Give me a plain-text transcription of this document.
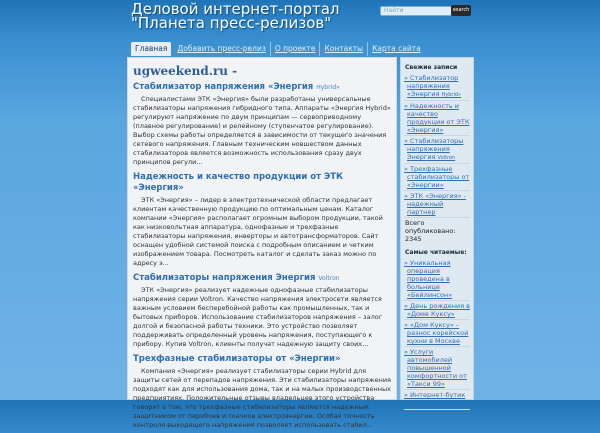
Деловой интернет-портал
"Планета пресс-релизов"
Найти	search
Главная	Добавить пресс-релиз	О проекте	Контакты	Карта сайта
ugweekend.ru -
Стабилизатор напряжения «Энергия Hybrid»
Специалистами ЭТК «Энергия» были разработаны универсальные стабилизаторы напряжения гибридного типа. Аппараты «Энергия Hybrid» регулируют напряжение по двум принципам — сервоприводному (плавное регулирование) и релейному (ступенчатое регулирование). Выбор схемы работы определяется в зависимости от текущего значения сетевого напряжения. Главным техническим новшеством данных стабилизаторов является возможность использования сразу двух принципов регули...
Надежность и качество продукции от ЭТК «Энергия»
ЭТК «Энергия» – лидер в электротехнической области предлагает клиентам качественную продукцию по оптимальным ценам. Каталог компании «Энергия» располагает огромным выбором продукции, такой как низковольтная аппаратура, однофазные и трехфазные стабилизаторы напряжения, инверторы и автотрансформаторов. Сайт оснащен удобной системой поиска с подробным описанием и четким изображением товара. Посмотреть каталог и сделать заказ можно по адресу э...
Стабилизаторы напряжения Энергия Voltron
ЭТК «Энергия» реализует надежные однофазные стабилизаторы напряжения серии Voltron. Качество напряжения электросети является важным условием бесперебойной работы как промышленных, так и бытовых приборов. Использование стабилизаторов напряжения – залог долгой и безопасной работы техники. Это устройство позволяет поддерживать определенный уровень напряжения, поступающего к прибору. Купив Voltron, клиенты получат надежную защиту своих...
Трехфазные стабилизаторы от «Энергии»
Компания «Энергия» реализует стабилизаторы серии Hybrid для защиты сетей от перепадов напряжения. Эти стабилизаторы напряжения подходят как для использования дома, так и на малых производственных предприятиях. Положительные отзывы владельцев этого устройства говорят о том, что трехфазные стабилизаторы являются надежным защитником от перебоев и скачков электроэнергии. Особая точность контроля выходящего напряжения позволяет использовать стабил...
Свежие записи
» Стабилизатор напряжения «Энергия Hybrid»
» Надежность и качество продукции от ЭТК «Энергия»
» Стабилизаторы напряжения Энергия Voltron
» Трехфазные стабилизаторы от «Энергии»
» ЭТК «Энергия» - надежный партнер
Всего опубликовано: 2345
Самые читаемые:
» Уникальная операция проведена в больнице «Бейлинсон»
» День рождения в «Доме Куксу»
» «Дом Куксу» – разнос корейской кухни в Москве
» Услуги автомобилей повышенной комфортности от «Такси 99»
» Интернет-бутик Golden string заступил
